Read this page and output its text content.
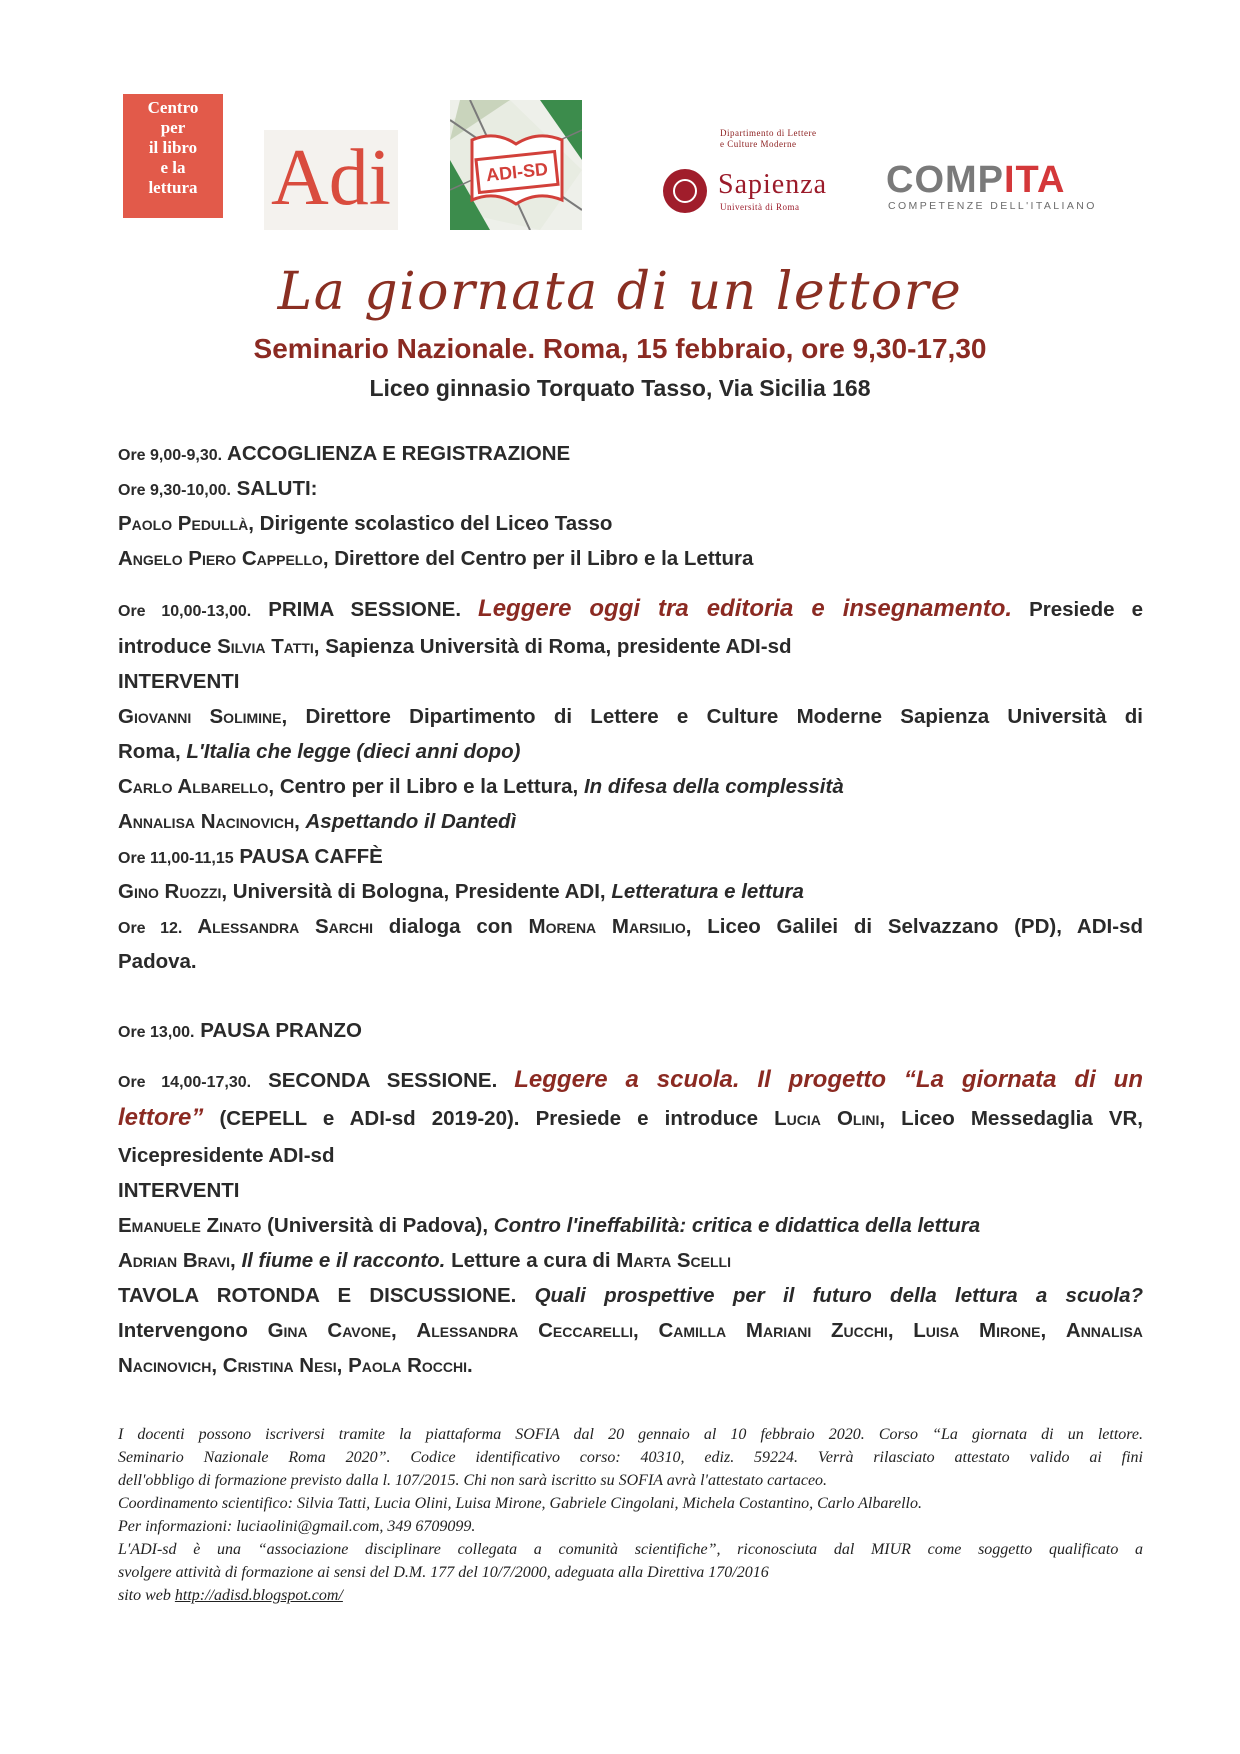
Centro
per
il libro
e la
lettura Adi	ADI-SD
Dipartimento di Lettere
e Culture Moderne
Sapienza
Università di Roma
COMPITA
COMPETENZE DELL'ITALIANO
La giornata di un lettore
Seminario Nazionale. Roma, 15 febbraio, ore 9,30-17,30
Liceo ginnasio Torquato Tasso, Via Sicilia 168
Ore 9,00-9,30. ACCOGLIENZA E REGISTRAZIONE
Ore 9,30-10,00. SALUTI:
Paolo Pedullà, Dirigente scolastico del Liceo Tasso
Angelo Piero Cappello, Direttore del Centro per il Libro e la Lettura
Ore 10,00-13,00. PRIMA SESSIONE. Leggere oggi tra editoria e insegnamento. Presiede e
introduce Silvia Tatti, Sapienza Università di Roma, presidente ADI-sd
INTERVENTI
Giovanni Solimine, Direttore Dipartimento di Lettere e Culture Moderne Sapienza Università di
Roma, L'Italia che legge (dieci anni dopo)
Carlo Albarello, Centro per il Libro e la Lettura, In difesa della complessità
Annalisa Nacinovich, Aspettando il Dantedì
Ore 11,00-11,15 PAUSA CAFFÈ
Gino Ruozzi, Università di Bologna, Presidente ADI, Letteratura e lettura
Ore 12. Alessandra Sarchi dialoga con Morena Marsilio, Liceo Galilei di Selvazzano (PD), ADI-sd
Padova.
Ore 13,00. PAUSA PRANZO
Ore 14,00-17,30. SECONDA SESSIONE. Leggere a scuola. Il progetto “La giornata di un
lettore” (CEPELL e ADI-sd 2019-20). Presiede e introduce Lucia Olini, Liceo Messedaglia VR,
Vicepresidente ADI-sd
INTERVENTI
Emanuele Zinato (Università di Padova), Contro l'ineffabilità: critica e didattica della lettura
Adrian Bravi, Il fiume e il racconto. Letture a cura di Marta Scelli
TAVOLA ROTONDA E DISCUSSIONE. Quali prospettive per il futuro della lettura a scuola?
Intervengono Gina Cavone, Alessandra Ceccarelli, Camilla Mariani Zucchi, Luisa Mirone, Annalisa
Nacinovich, Cristina Nesi, Paola Rocchi.
I docenti possono iscriversi tramite la piattaforma SOFIA dal 20 gennaio al 10 febbraio 2020. Corso “La giornata di un lettore.
Seminario Nazionale Roma 2020”. Codice identificativo corso: 40310, ediz. 59224. Verrà rilasciato attestato valido ai fini
dell'obbligo di formazione previsto dalla l. 107/2015. Chi non sarà iscritto su SOFIA avrà l'attestato cartaceo.
Coordinamento scientifico: Silvia Tatti, Lucia Olini, Luisa Mirone, Gabriele Cingolani, Michela Costantino, Carlo Albarello.
Per informazioni: luciaolini@gmail.com, 349 6709099.
L'ADI-sd è una “associazione disciplinare collegata a comunità scientifiche”, riconosciuta dal MIUR come soggetto qualificato a
svolgere attività di formazione ai sensi del D.M. 177 del 10/7/2000, adeguata alla Direttiva 170/2016
sito web http://adisd.blogspot.com/
